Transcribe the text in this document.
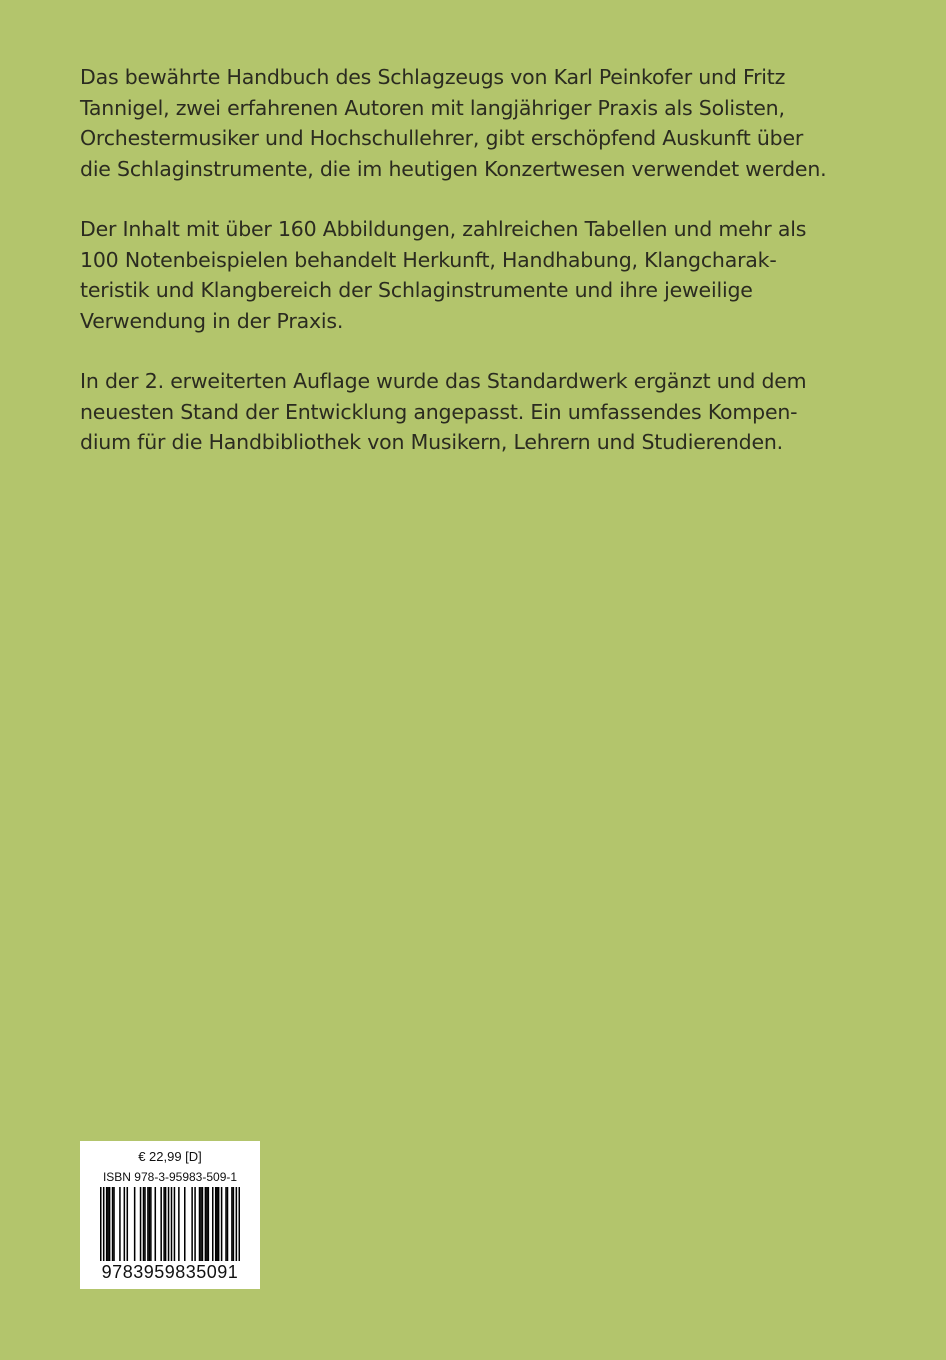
Das bewährte Handbuch des Schlagzeugs von Karl Peinkofer und Fritz
Tannigel, zwei erfahrenen Autoren mit langjähriger Praxis als Solisten,
Orchestermusiker und Hochschullehrer, gibt erschöpfend Auskunft über
die Schlaginstrumente, die im heutigen Konzertwesen verwendet werden.

Der Inhalt mit über 160 Abbildungen, zahlreichen Tabellen und mehr als
100 Notenbeispielen behandelt Herkunft, Handhabung, Klangcharak-
teristik und Klangbereich der Schlaginstrumente und ihre jeweilige
Verwendung in der Praxis.

In der 2. erweiterten Auflage wurde das Standardwerk ergänzt und dem
neuesten Stand der Entwicklung angepasst. Ein umfassendes Kompen-
dium für die Handbibliothek von Musikern, Lehrern und Studierenden.

€ 22,99 [D]
ISBN 978-3-95983-509-1
9783959835091
